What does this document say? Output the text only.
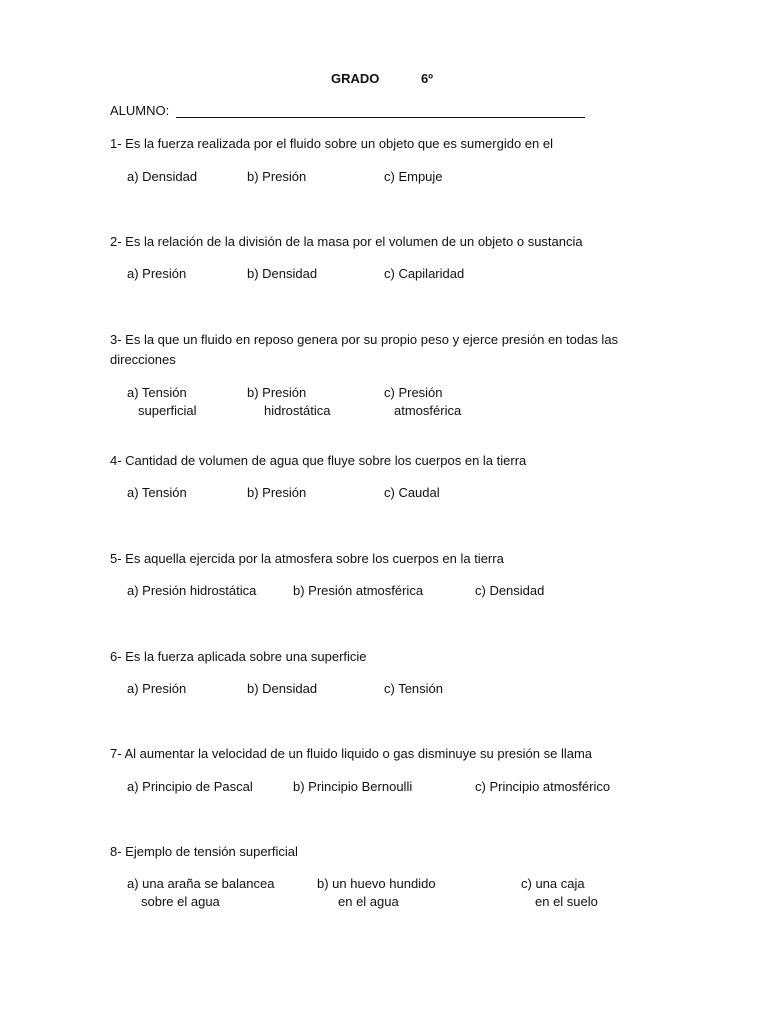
GRADO	6º
ALUMNO:
1- Es la fuerza realizada por el fluido sobre un objeto que es sumergido en el
a) Densidad	b) Presión	c) Empuje
2- Es la relación de la división de la masa por el volumen de un objeto o sustancia
a) Presión	b) Densidad	c) Capilaridad
3- Es la que un fluido en reposo genera por su propio peso y ejerce presión en todas las
direcciones
a) Tensión
superficial
b) Presión
hidrostática
c) Presión
atmosférica
4- Cantidad de volumen de agua que fluye sobre los cuerpos en la tierra
a) Tensión	b) Presión	c) Caudal
5- Es aquella ejercida por la atmosfera sobre los cuerpos en la tierra
a) Presión hidrostática	b) Presión atmosférica	c) Densidad
6- Es la fuerza aplicada sobre una superficie
a) Presión	b) Densidad	c) Tensión
7- Al aumentar la velocidad de un fluido liquido o gas disminuye su presión se llama
a) Principio de Pascal	b) Principio Bernoulli	c) Principio atmosférico
8- Ejemplo de tensión superficial
a) una araña se balancea
sobre el agua
b) un huevo hundido
en el agua
c) una caja
en el suelo
